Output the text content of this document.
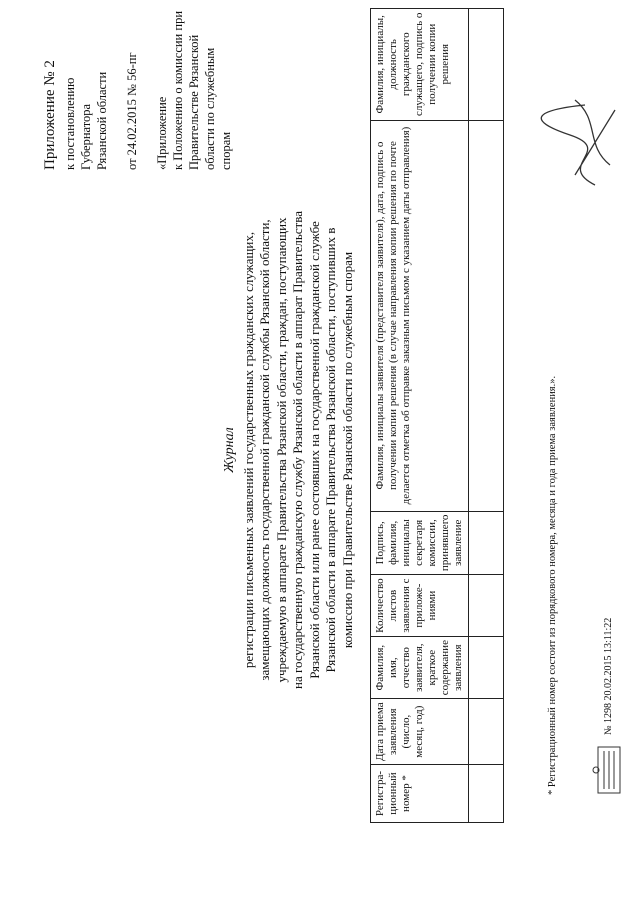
Приложение № 2 к постановлению Губернатора Рязанской области от 24.02.2015 № 56-пг «Приложение к Положению о комиссии при Правительстве Рязанской области по служебным спорам
Журнал регистрации письменных заявлений государственных гражданских служащих, замещающих должность государственной гражданской службы Рязанской области, учреждаемую в аппарате Правительства Рязанской области, граждан, поступающих на государственную гражданскую службу Рязанской области в аппарат Правительства Рязанской области или ранее состоявших на государственной гражданской службе Рязанской области в аппарате Правительства Рязанской области, поступивших в комиссию при Правительстве Рязанской области по служебным спорам
Регистра-ционный номер *	Дата приема заявления (число, месяц, год)	Фамилия, имя, отчество заявителя, краткое содержание заявления	Количество листов заявления с приложе-ниями	Подпись, фамилия, инициалы секретаря комиссии, принявшего заявление	Фамилия, инициалы заявителя (представителя заявителя), дата, подпись о получении копии решения (в случае направления копии решения по почте делается отметка об отправке заказным письмом с указанием даты отправления)	Фамилия, инициалы, должность гражданского служащего, подпись о получении копии решения

* Регистрационный номер состоит из порядкового номера, месяца и года приема заявления.».	№ 1298 20.02.2015 13:11:22
